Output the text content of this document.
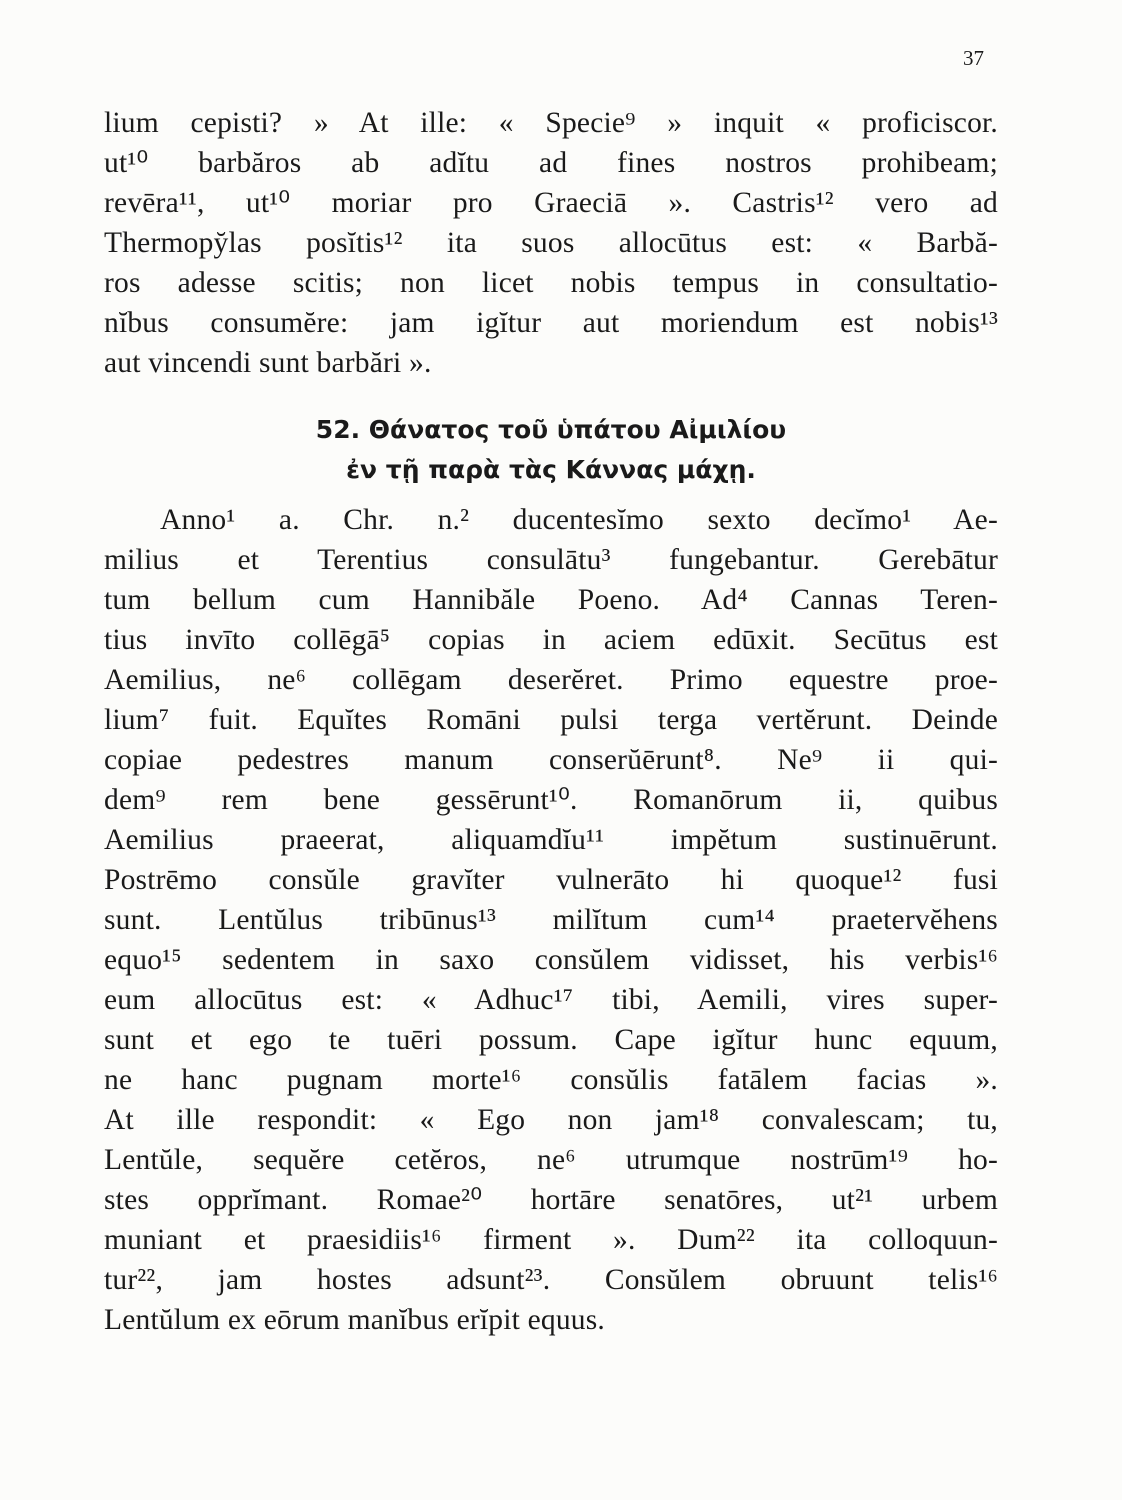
37
lium cepisti? » At ille: « Specie⁹ » inquit « proficiscor.
ut¹⁰ barbăros ab adĭtu ad fines nostros prohibeam;
revēra¹¹, ut¹⁰ moriar pro Graeciā ». Castris¹² vero ad
Thermopy̆las posĭtis¹² ita suos allocūtus est: « Barbă-
ros adesse scitis; non licet nobis tempus in consultatio-
nĭbus consumĕre: jam igĭtur aut moriendum est nobis¹³
aut vincendi sunt barbări ».
52. Θάνατος τοῦ ὑπάτου Αἰμιλίου
ἐν τῇ παρὰ τὰς Κάννας μάχῃ.
Anno¹ a. Chr. n.² ducentesĭmo sexto decĭmo¹ Ae-
milius et Terentius consulātu³ fungebantur. Gerebātur
tum bellum cum Hannibăle Poeno. Ad⁴ Cannas Teren-
tius invīto collēgā⁵ copias in aciem edūxit. Secūtus est
Aemilius, ne⁶ collēgam deserĕret. Primo equestre proe-
lium⁷ fuit. Equĭtes Romāni pulsi terga vertĕrunt. Deinde
copiae pedestres manum conserŭērunt⁸. Ne⁹ ii qui-
dem⁹ rem bene gessērunt¹⁰. Romanōrum ii, quibus
Aemilius praeerat, aliquamdĭu¹¹ impĕtum sustinuērunt.
Postrēmo consŭle gravĭter vulnerāto hi quoque¹² fusi
sunt. Lentŭlus tribūnus¹³ milĭtum cum¹⁴ praetervĕhens
equo¹⁵ sedentem in saxo consŭlem vidisset, his verbis¹⁶
eum allocūtus est: « Adhuc¹⁷ tibi, Aemili, vires super-
sunt et ego te tuēri possum. Cape igĭtur hunc equum,
ne hanc pugnam morte¹⁶ consŭlis fatālem facias ».
At ille respondit: « Ego non jam¹⁸ convalescam; tu,
Lentŭle, sequĕre cetĕros, ne⁶ utrumque nostrūm¹⁹ ho-
stes opprĭmant. Romae²⁰ hortāre senatōres, ut²¹ urbem
muniant et praesidiis¹⁶ firment ». Dum²² ita colloquun-
tur²², jam hostes adsunt²³. Consŭlem obruunt telis¹⁶
Lentŭlum ex eōrum manĭbus erĭpit equus.
